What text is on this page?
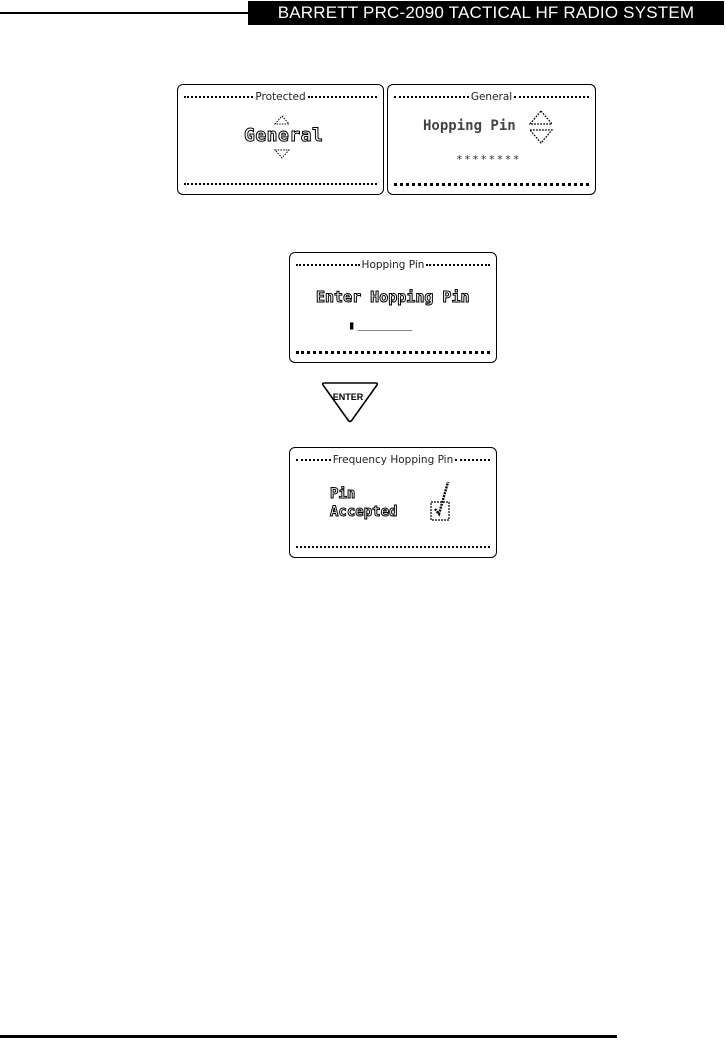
BARRETT PRC-2090 TACTICAL HF RADIO SYSTEM
Protected
General
General
Hopping Pin
********
Hopping Pin
Enter Hopping Pin
▮ ________
ENTER
Frequency Hopping Pin
Pin
Accepted
